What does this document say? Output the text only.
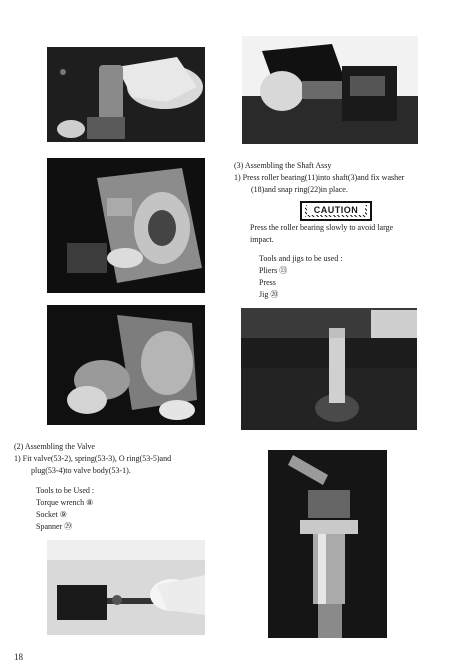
(3) Assembling the Shaft Assy
1) Press roller bearing(11)into shaft(3)and fix washer
(18)and snap ring(22)in place.
CAUTION
Press the roller bearing slowly to avoid large
impact.
Tools and jigs to be used :
Pliers ⑬
Press
Jig ⑳
(2) Assembling the Valve
1) Fit valve(53-2), spring(53-3), O ring(53-5)and
plug(53-4)to valve body(53-1).
Tools to be Used :
Torque wrench ⑧
Socket ⑨
Spanner ㉙
18
